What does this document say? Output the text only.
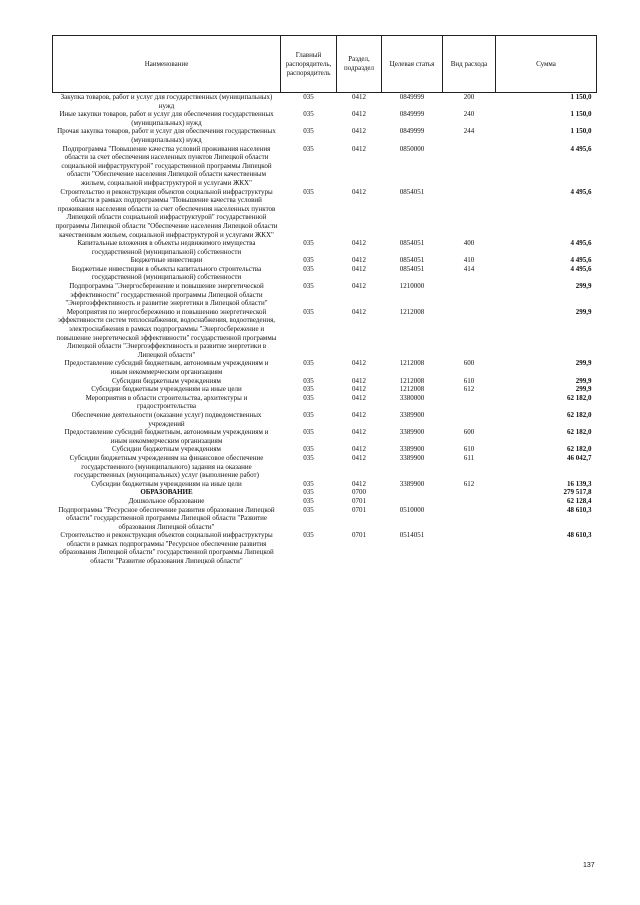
Наименование	Главный распорядитель, распорядитель	Раздел, подраздел	Целевая статья	Вид расхода	Сумма
Закупка товаров, работ и услуг для государственных (муниципальных) нужд	035	0412	0849999	200	1 150,0
Иные закупки товаров, работ и услуг для обеспечения государственных (муниципальных) нужд	035	0412	0849999	240	1 150,0
Прочая закупка товаров, работ и услуг для обеспечения государственных (муниципальных) нужд	035	0412	0849999	244	1 150,0
Подпрограмма "Повышение качества условий проживания населения области за счет обеспечения населенных пунктов Липецкой области социальной инфраструктурой" государственной программы Липецкой области "Обеспечение населения Липецкой области качественным жильем, социальной инфраструктурой и услугами ЖКХ"	035	0412	0850000		4 495,6
Строительство и реконструкция объектов социальной инфраструктуры области в рамках подпрограммы "Повышение качества условий проживания населения области за счет обеспечения населенных пунктов Липецкой области социальной инфраструктурой" государственной программы Липецкой области "Обеспечение населения Липецкой области качественным жильем, социальной инфраструктурой и услугами ЖКХ"	035	0412	0854051		4 495,6
Капитальные вложения в объекты недвижимого имущества государственной (муниципальной) собственности	035	0412	0854051	400	4 495,6
Бюджетные инвестиции	035	0412	0854051	410	4 495,6
Бюджетные инвестиции в объекты капитального строительства государственной (муниципальной) собственности	035	0412	0854051	414	4 495,6
Подпрограмма "Энергосбережение и повышение энергетической эффективности" государственной программы Липецкой области "Энергоэффективность и развитие энергетики в Липецкой области"	035	0412	1210000		299,9
Мероприятия по энергосбережению и повышению энергетической эффективности систем теплоснабжения, водоснабжения, водоотведения, электроснабжения в рамках подпрограммы "Энергосбережение и повышение энергетической эффективности" государственной программы Липецкой области "Энергоэффективность и развитие энергетики в Липецкой области"	035	0412	1212008		299,9
Предоставление субсидий бюджетным, автономным учреждениям и иным некоммерческим организациям	035	0412	1212008	600	299,9
Субсидии бюджетным учреждениям	035	0412	1212008	610	299,9
Субсидии бюджетным учреждениям на иные цели	035	0412	1212008	612	299,9
Мероприятия в области строительства, архитектуры и градостроительства	035	0412	3380000		62 182,0
Обеспечение деятельности (оказание услуг) подведомственных учреждений	035	0412	3389900		62 182,0
Предоставление субсидий бюджетным, автономным учреждениям и иным некоммерческим организациям	035	0412	3389900	600	62 182,0
Субсидии бюджетным учреждениям	035	0412	3389900	610	62 182,0
Субсидии бюджетным учреждениям на финансовое обеспечение государственного (муниципального) задания на оказание государственных (муниципальных) услуг (выполнение работ)	035	0412	3389900	611	46 042,7
Субсидии бюджетным учреждениям на иные цели	035	0412	3389900	612	16 139,3
ОБРАЗОВАНИЕ	035	0700			279 517,8
Дошкольное образование	035	0701			62 128,4
Подпрограмма "Ресурсное обеспечение развития образования Липецкой области" государственной программы Липецкой области "Развитие образования Липецкой области"	035	0701	0510000		48 610,3
Строительство и реконструкция объектов социальной инфраструктуры области в рамках подпрограммы "Ресурсное обеспечение развития образования Липецкой области" государственной программы Липецкой области "Развитие образования Липецкой области"	035	0701	0514051		48 610,3
137
